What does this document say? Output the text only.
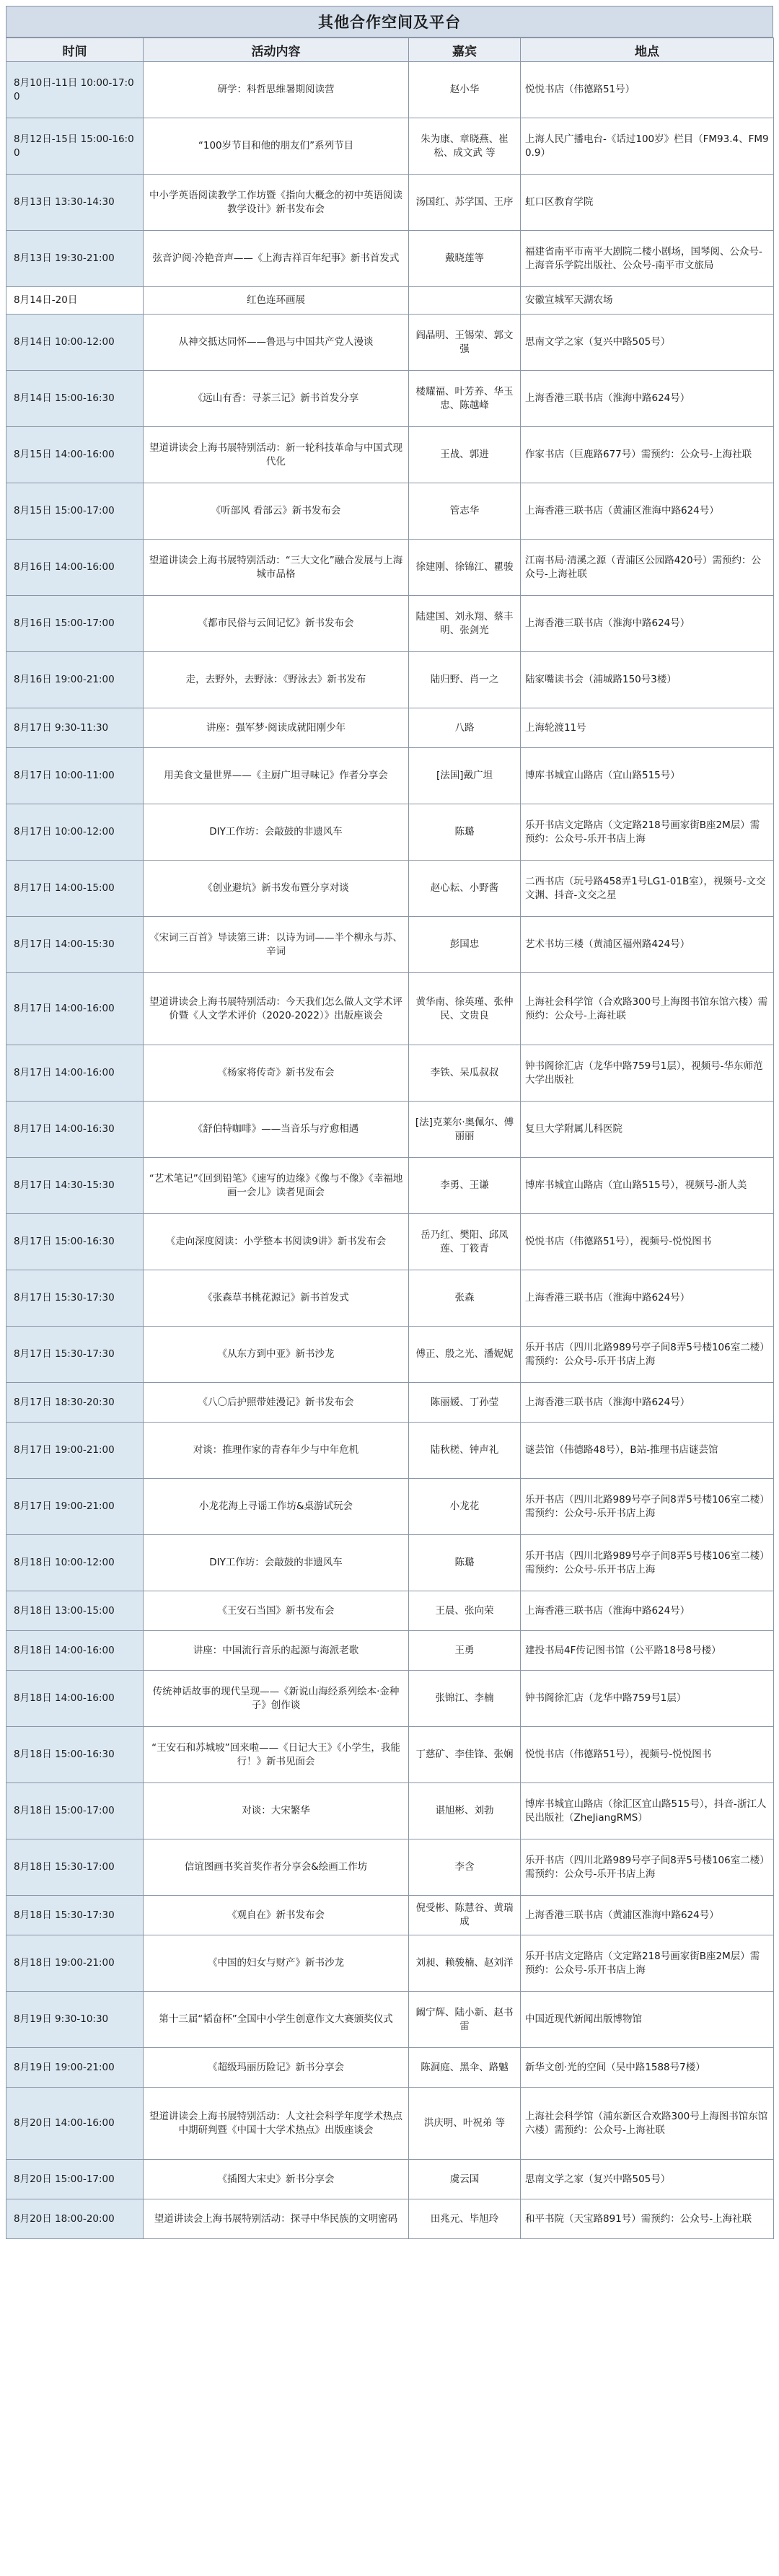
其他合作空间及平台
时间	活动内容	嘉宾	地点
8月10日-11日 10:00-17:00	研学：科哲思维暑期阅读营	赵小华	悦悦书店（伟德路51号）
8月12日-15日 15:00-16:00	“100岁节目和他的朋友们”系列节目	朱为康、章晓燕、崔松、成文武 等	上海人民广播电台-《话过100岁》栏目（FM93.4、FM90.9）
8月13日 13:30-14:30	中小学英语阅读教学工作坊暨《指向大概念的初中英语阅读教学设计》新书发布会	汤国红、苏学国、王序	虹口区教育学院
8月13日 19:30-21:00	弦音沪阅·冷艳音声——《上海吉祥百年纪事》新书首发式	戴晓莲等	福建省南平市南平大剧院二楼小剧场，国琴阅、公众号-上海音乐学院出版社、公众号-南平市文旅局
8月14日-20日	红色连环画展		安徽宣城军天湖农场
8月14日 10:00-12:00	从神交抵达同怀——鲁迅与中国共产党人漫谈	阎晶明、王锡荣、郭文强	思南文学之家（复兴中路505号）
8月14日 15:00-16:30	《远山有香：寻茶三记》新书首发分享	楼耀福、叶芳养、华玉忠、陈越峰	上海香港三联书店（淮海中路624号）
8月15日 14:00-16:00	望道讲读会上海书展特别活动：新一轮科技革命与中国式现代化	王战、郭进	作家书店（巨鹿路677号）需预约：公众号-上海社联
8月15日 15:00-17:00	《听部风 看部云》新书发布会	管志华	上海香港三联书店（黄浦区淮海中路624号）
8月16日 14:00-16:00	望道讲读会上海书展特别活动：“三大文化”融合发展与上海城市品格	徐建刚、徐锦江、瞿骏	江南书局·清溪之源（青浦区公园路420号）需预约：公众号-上海社联
8月16日 15:00-17:00	《都市民俗与云间记忆》新书发布会	陆建国、刘永翔、蔡丰明、张剑光	上海香港三联书店（淮海中路624号）
8月16日 19:00-21:00	走，去野外，去野泳：《野泳去》新书发布	陆归野、肖一之	陆家嘴读书会（浦城路150号3楼）
8月17日 9:30-11:30	讲座：强军梦·阅读成就阳刚少年	八路	上海轮渡11号
8月17日 10:00-11:00	用美食文量世界——《主厨广坦寻味记》作者分享会	[法国]戴广坦	博库书城宜山路店（宜山路515号）
8月17日 10:00-12:00	DIY工作坊：会敲鼓的非遗风车	陈璐	乐开书店文定路店（文定路218号画家街B座2M层）需预约：公众号-乐开书店上海
8月17日 14:00-15:00	《创业避坑》新书发布暨分享对谈	赵心耘、小野酱	二西书店（玩号路458弄1号LG1-01B室），视频号-文交文渊、抖音-文交之星
8月17日 14:00-15:30	《宋词三百首》导读第三讲：以诗为词——半个柳永与苏、辛词	彭国忠	艺术书坊三楼（黄浦区福州路424号）
8月17日 14:00-16:00	望道讲读会上海书展特别活动：今天我们怎么做人文学术评价暨《人文学术评价（2020-2022）》出版座谈会	黄华南、徐英瑾、张仲民、文贵良	上海社会科学馆（合欢路300号上海图书馆东馆六楼）需预约：公众号-上海社联
8月17日 14:00-16:00	《杨家将传奇》新书发布会	李铁、呆瓜叔叔	钟书阁徐汇店（龙华中路759号1层），视频号-华东师范大学出版社
8月17日 14:00-16:30	《舒伯特咖啡》——当音乐与疗愈相遇	[法]克莱尔·奥佩尔、傅丽丽	复旦大学附属儿科医院
8月17日 14:30-15:30	“艺术笔记”《回到铅笔》《速写的边缘》《像与不像》《幸福地画一会儿》读者见面会	李勇、王谦	博库书城宜山路店（宜山路515号），视频号-浙人美
8月17日 15:00-16:30	《走向深度阅读：小学整本书阅读9讲》新书发布会	岳乃红、樊阳、邱凤莲、丁筱青	悦悦书店（伟德路51号），视频号-悦悦图书
8月17日 15:30-17:30	《张森草书桃花源记》新书首发式	张森	上海香港三联书店（淮海中路624号）
8月17日 15:30-17:30	《从东方到中亚》新书沙龙	傅正、殷之光、潘妮妮	乐开书店（四川北路989号亭子间8弄5号楼106室二楼）需预约：公众号-乐开书店上海
8月17日 18:30-20:30	《八〇后护照带娃漫记》新书发布会	陈丽媛、丁孙莹	上海香港三联书店（淮海中路624号）
8月17日 19:00-21:00	对谈：推理作家的青春年少与中年危机	陆秋槎、钟声礼	谜芸馆（伟德路48号），B站-推理书店谜芸馆
8月17日 19:00-21:00	小龙花海上寻谣工作坊&桌游试玩会	小龙花	乐开书店（四川北路989号亭子间8弄5号楼106室二楼）需预约：公众号-乐开书店上海
8月18日 10:00-12:00	DIY工作坊：会敲鼓的非遗风车	陈璐	乐开书店（四川北路989号亭子间8弄5号楼106室二楼）需预约：公众号-乐开书店上海
8月18日 13:00-15:00	《王安石当国》新书发布会	王晨、张向荣	上海香港三联书店（淮海中路624号）
8月18日 14:00-16:00	讲座：中国流行音乐的起源与海派老歌	王勇	建投书局4F传记图书馆（公平路18号8号楼）
8月18日 14:00-16:00	传统神话故事的现代呈现——《新说山海经系列绘本·金种子》创作谈	张锦江、李楠	钟书阁徐汇店（龙华中路759号1层）
8月18日 15:00-16:30	“王安石和苏城坡”回来啦——《日记大王》《小学生，我能行！》新书见面会	丁慈矿、李佳锋、张娴	悦悦书店（伟德路51号），视频号-悦悦图书
8月18日 15:00-17:00	对谈：大宋繁华	谌旭彬、刘勃	博库书城宜山路店（徐汇区宜山路515号），抖音-浙江人民出版社（ZheJiangRMS）
8月18日 15:30-17:00	信谊图画书奖首奖作者分享会&绘画工作坊	李含	乐开书店（四川北路989号亭子间8弄5号楼106室二楼）需预约：公众号-乐开书店上海
8月18日 15:30-17:30	《观自在》新书发布会	倪受彬、陈慧谷、黄瑞成	上海香港三联书店（黄浦区淮海中路624号）
8月18日 19:00-21:00	《中国的妇女与财产》新书沙龙	刘昶、赖骏楠、赵刘洋	乐开书店文定路店（文定路218号画家街B座2M层）需预约：公众号-乐开书店上海
8月19日 9:30-10:30	第十三届“韬奋杯”全国中小学生创意作文大赛颁奖仪式	阚宁辉、陆小新、赵书雷	中国近现代新闻出版博物馆
8月19日 19:00-21:00	《超级玛丽历险记》新书分享会	陈洞庭、黑伞、路魆	新华文创·光的空间（吴中路1588号7楼）
8月20日 14:00-16:00	望道讲读会上海书展特别活动：人文社会科学年度学术热点中期研判暨《中国十大学术热点》出版座谈会	洪庆明、叶祝弟 等	上海社会科学馆（浦东新区合欢路300号上海图书馆东馆六楼）需预约：公众号-上海社联
8月20日 15:00-17:00	《插图大宋史》新书分享会	虞云国	思南文学之家（复兴中路505号）
8月20日 18:00-20:00	望道讲读会上海书展特别活动：探寻中华民族的文明密码	田兆元、毕旭玲	和平书院（天宝路891号）需预约：公众号-上海社联
